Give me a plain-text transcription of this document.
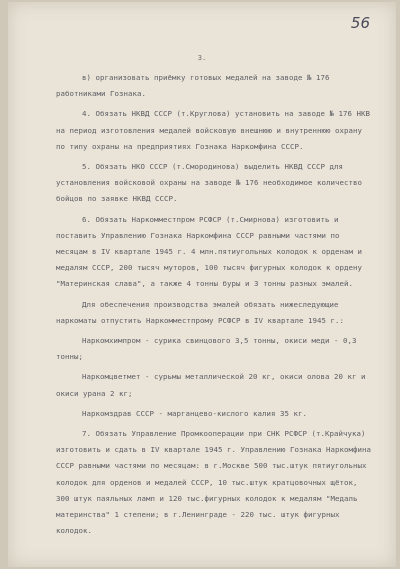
56
3.

в) организовать приёмку готовых медалей на заводе № 176 работниками Гознака.

4. Обязать НКВД СССР (т.Круглова) установить на заводе № 176 НКВ на период изготовления медалей войсковую внешнюю и внутреннюю охрану по типу охраны на предприятиях Гознака Наркомфина СССР.

5. Обязать НКО СССР (т.Смородинова) выделить НКВД СССР для установления войсковой охраны на заводе № 176 необходимое количество бойцов по заявке НКВД СССР.

6. Обязать Наркомместпром РСФСР (т.Смирнова) изготовить и поставить Управлению Гознака Наркомфина СССР равными частями по месяцам в IV квартале 1945 г. 4 млн.пятиугольных колодок к орденам и медалям СССР, 200 тысяч муторов, 100 тысяч фигурных колодок к ордену "Материнская слава", а также 4 тонны буры и 3 тонны разных эмалей.

Для обеспечения производства эмалей обязать нижеследующие наркоматы отпустить Наркомместпрому РСФСР в IV квартале 1945 г.:

Наркомхимпром - сурика свинцового 3,5 тонны, окиси меди - 0,3 тонны;

Наркомцветмет - сурьмы металлической 20 кг, окиси олова 20 кг и окиси урана 2 кг;

Наркомздрав СССР - марганцево-кислого калия 35 кг.

7. Обязать Управление Промкооперации при СНК РСФСР (т.Крайчука) изготовить и сдать в IV квартале 1945 г. Управлению Гознака Наркомфина СССР равными частями по месяцам: в г.Москве 500 тыс.штук пятиугольных колодок для орденов и медалей СССР, 10 тыс.штук кратцовочных щёток, 300 штук паяльных ламп и 120 тыс.фигурных колодок к медалям "Медаль материнства" 1 степени; в г.Ленинграде - 220 тыс. штук фигурных колодок.
